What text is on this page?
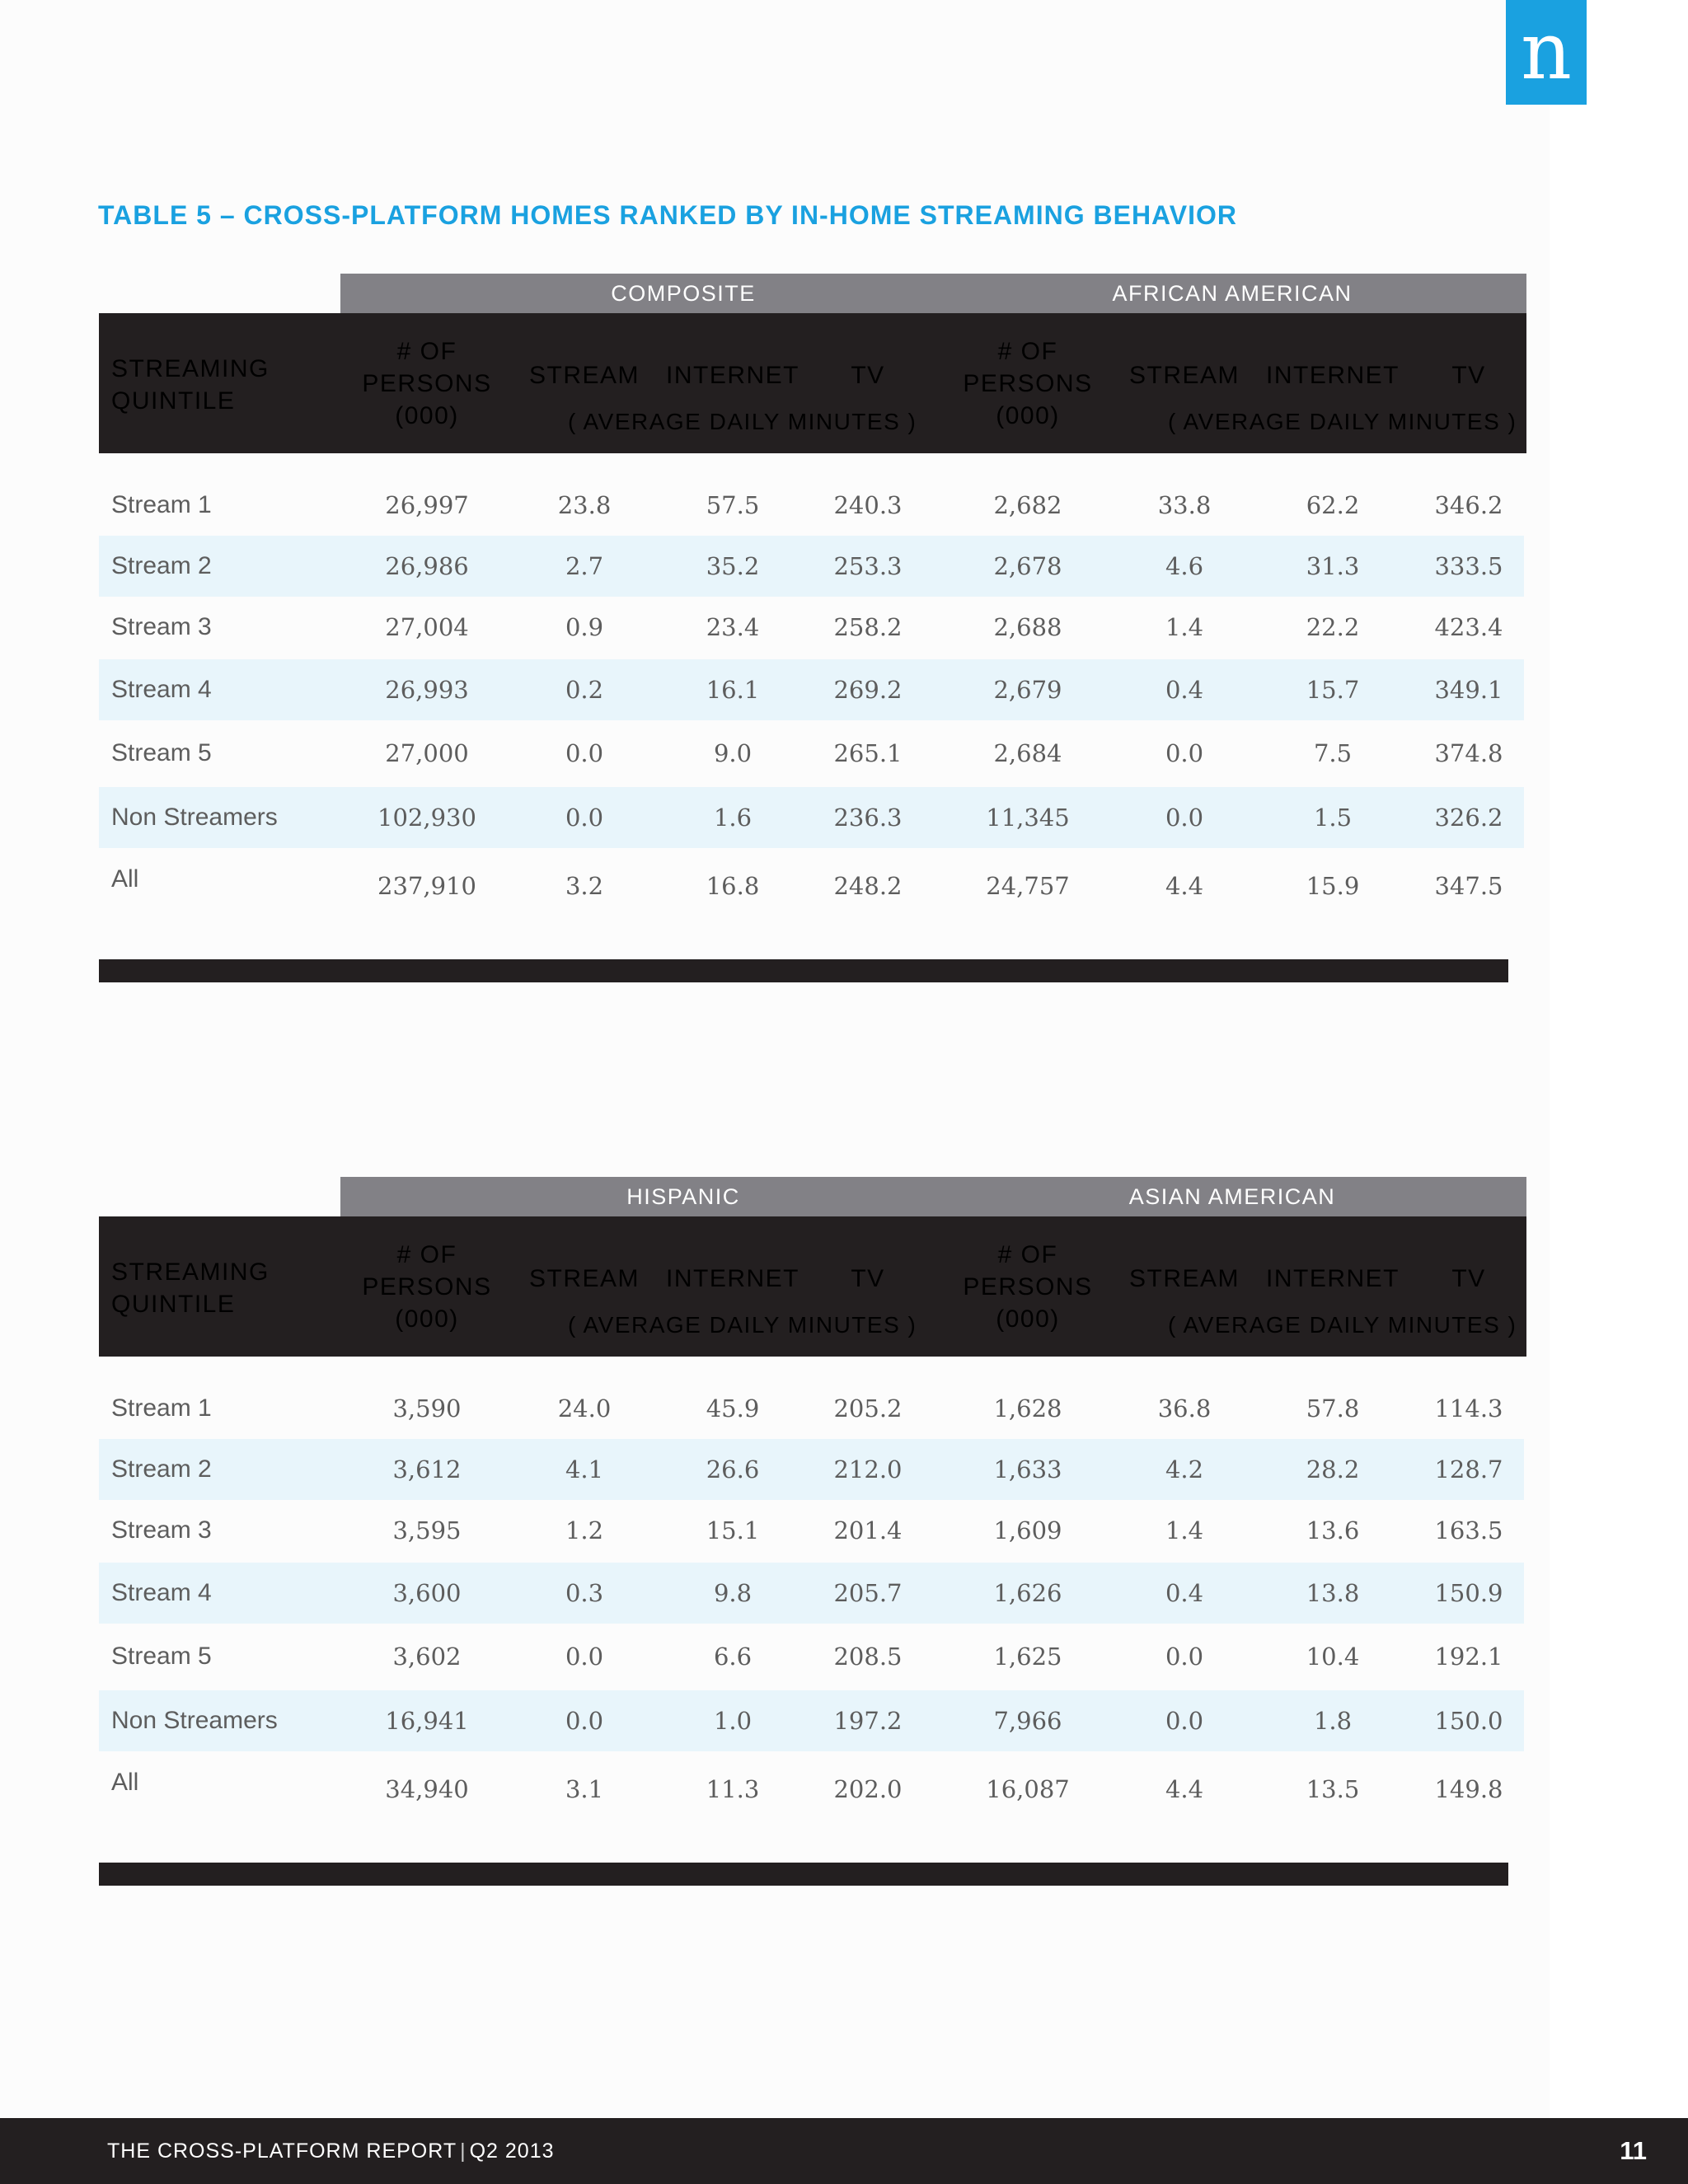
n
TABLE 5 – CROSS-PLATFORM HOMES RANKED BY IN-HOME STREAMING BEHAVIOR
COMPOSITE	AFRICAN AMERICAN
STREAMING
QUINTILE
# OF
PERSONS
(000)
STREAM	INTERNET	TV
( AVERAGE DAILY MINUTES )
# OF
PERSONS
(000)
STREAM	INTERNET	TV
( AVERAGE DAILY MINUTES )
Stream 1	26,997	23.8	57.5	240.3	2,682	33.8	62.2	346.2
Stream 2	26,986	2.7	35.2	253.3	2,678	4.6	31.3	333.5
Stream 3	27,004	0.9	23.4	258.2	2,688	1.4	22.2	423.4
Stream 4	26,993	0.2	16.1	269.2	2,679	0.4	15.7	349.1
Stream 5	27,000	0.0	9.0	265.1	2,684	0.0	7.5	374.8
Non Streamers	102,930	0.0	1.6	236.3	11,345	0.0	1.5	326.2
All	237,910	3.2	16.8	248.2	24,757	4.4	15.9	347.5
HISPANIC	ASIAN AMERICAN
STREAMING
QUINTILE
# OF
PERSONS
(000)
STREAM	INTERNET	TV
( AVERAGE DAILY MINUTES )
# OF
PERSONS
(000)
STREAM	INTERNET	TV
( AVERAGE DAILY MINUTES )
Stream 1	3,590	24.0	45.9	205.2	1,628	36.8	57.8	114.3
Stream 2	3,612	4.1	26.6	212.0	1,633	4.2	28.2	128.7
Stream 3	3,595	1.2	15.1	201.4	1,609	1.4	13.6	163.5
Stream 4	3,600	0.3	9.8	205.7	1,626	0.4	13.8	150.9
Stream 5	3,602	0.0	6.6	208.5	1,625	0.0	10.4	192.1
Non Streamers	16,941	0.0	1.0	197.2	7,966	0.0	1.8	150.0
All	34,940	3.1	11.3	202.0	16,087	4.4	13.5	149.8
THE CROSS-PLATFORM REPORT | Q2 2013	11
